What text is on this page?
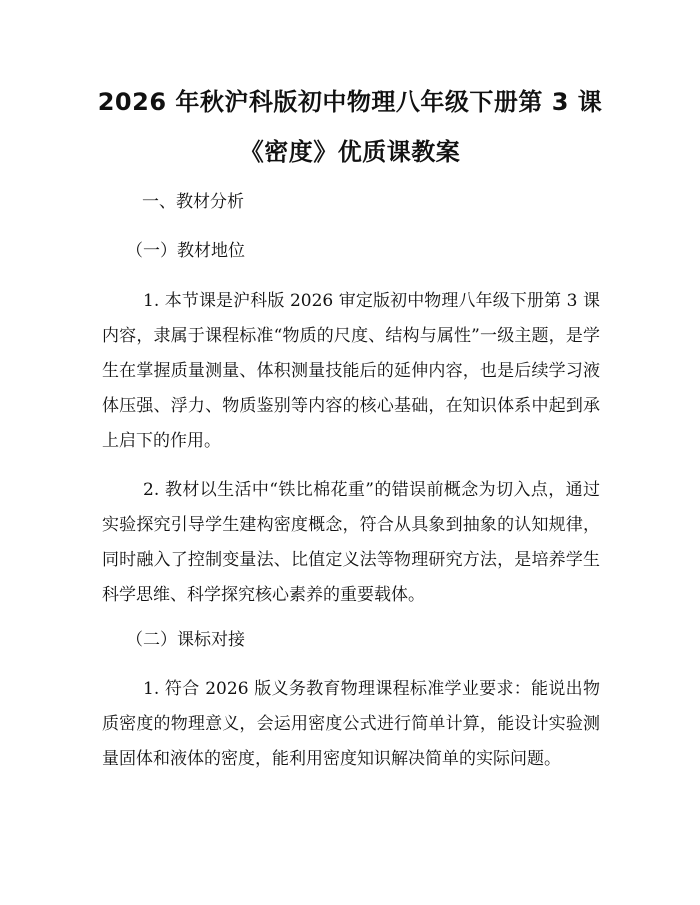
2026 年秋沪科版初中物理八年级下册第 3 课
《密度》优质课教案

一、教材分析

（一）教材地位

1. 本节课是沪科版 2026 审定版初中物理八年级下册第 3 课内容，隶属于课程标准“物质的尺度、结构与属性”一级主题，是学生在掌握质量测量、体积测量技能后的延伸内容，也是后续学习液体压强、浮力、物质鉴别等内容的核心基础，在知识体系中起到承上启下的作用。

2. 教材以生活中“铁比棉花重”的错误前概念为切入点，通过实验探究引导学生建构密度概念，符合从具象到抽象的认知规律，同时融入了控制变量法、比值定义法等物理研究方法，是培养学生科学思维、科学探究核心素养的重要载体。

（二）课标对接

1. 符合 2026 版义务教育物理课程标准学业要求：能说出物质密度的物理意义，会运用密度公式进行简单计算，能设计实验测量固体和液体的密度，能利用密度知识解决简单的实际问题。
